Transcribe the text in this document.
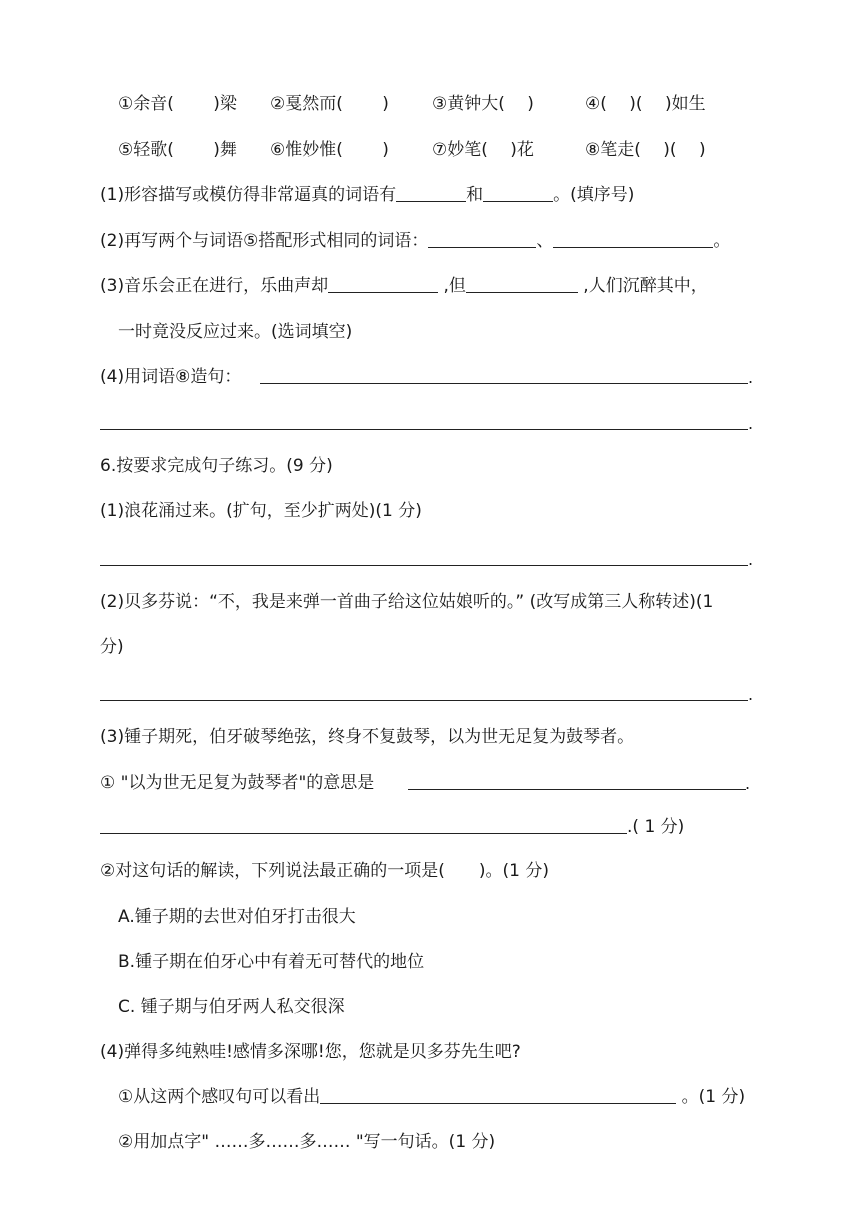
①余音(　　 )梁 ②戛然而(　　 )	③黄钟大(　 )	④(　 )(　 )如生
⑤轻歌(　　 )舞 ⑥惟妙惟(　　 )	⑦妙笔(　 )花	⑧笔走(　 )(　 )
(1)形容描写或模仿得非常逼真的词语有	和	。(填序号)
(2)再写两个与词语⑤搭配形式相同的词语：	、	。
(3)音乐会正在进行，乐曲声却	,但	,人们沉醉其中，
一时竟没反应过来。(选词填空)
(4)用词语⑧造句：	.
.
6.按要求完成句子练习。(9 分)
(1)浪花涌过来。(扩句，至少扩两处)(1 分)
.
(2)贝多芬说：“不，我是来弹一首曲子给这位姑娘听的。” (改写成第三人称转述)(1
分)
.
(3)锺子期死，伯牙破琴绝弦，终身不复鼓琴，以为世无足复为鼓琴者。
① "以为世无足复为鼓琴者"的意思是	.
.( 1 分)
②对这句话的解读，下列说法最正确的一项是(　　)。(1 分)
A.锺子期的去世对伯牙打击很大
B.锺子期在伯牙心中有着无可替代的地位
C. 锺子期与伯牙两人私交很深
(4)弹得多纯熟哇!感情多深哪!您，您就是贝多芬先生吧?
①从这两个感叹句可以看出	。(1 分)
②用加点字" ……多……多…… "写一句话。(1 分)
